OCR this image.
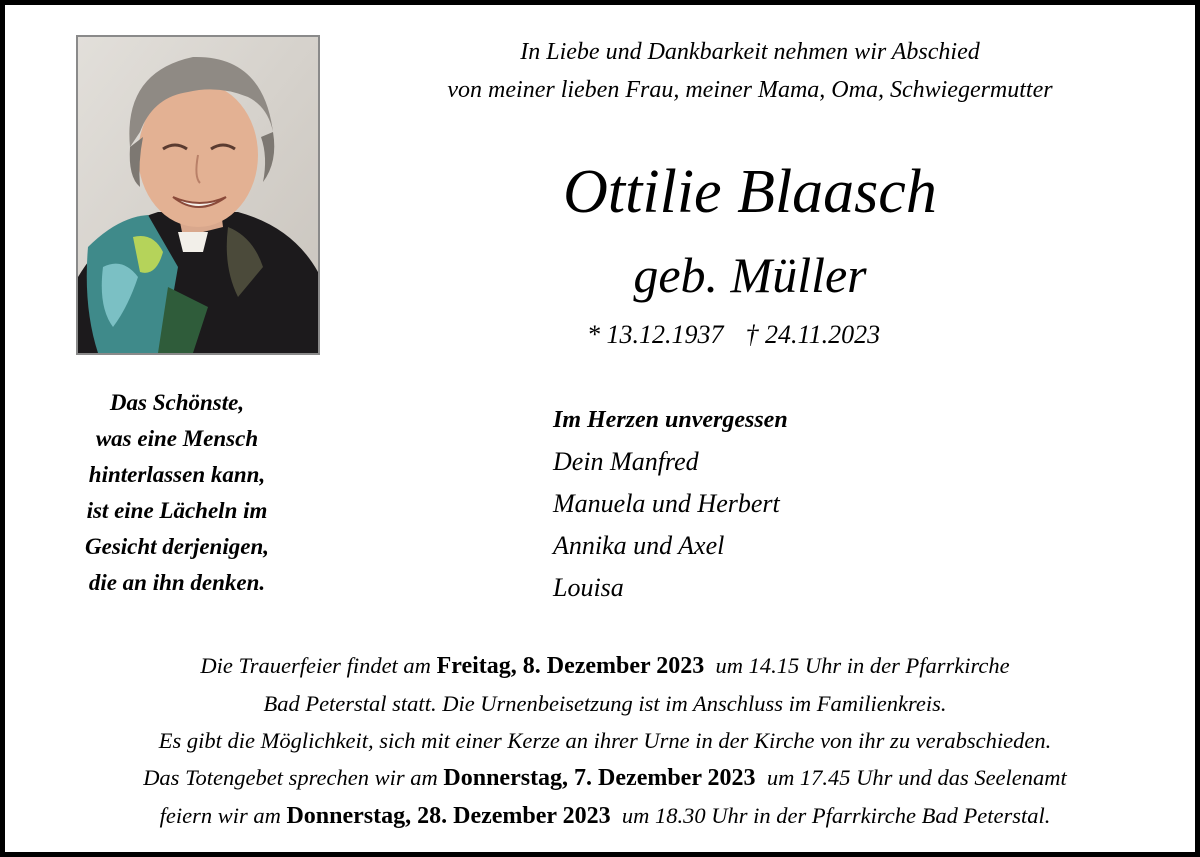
In Liebe und Dankbarkeit nehmen wir Abschied
von meiner lieben Frau, meiner Mama, Oma, Schwiegermutter
Ottilie Blaasch
geb. Müller
* 13.12.1937 † 24.11.2023
Das Schönste,
was eine Mensch
hinterlassen kann,
ist eine Lächeln im
Gesicht derjenigen,
die an ihn denken.
Im Herzen unvergessen
Dein Manfred
Manuela und Herbert
Annika und Axel
Louisa
Die Trauerfeier findet am Freitag, 8. Dezember 2023  um 14.15 Uhr in der Pfarrkirche
Bad Peterstal statt. Die Urnenbeisetzung ist im Anschluss im Familienkreis.
Es gibt die Möglichkeit, sich mit einer Kerze an ihrer Urne in der Kirche von ihr zu verabschieden.
Das Totengebet sprechen wir am Donnerstag, 7. Dezember 2023  um 17.45 Uhr und das Seelenamt
feiern wir am Donnerstag, 28. Dezember 2023  um 18.30 Uhr in der Pfarrkirche Bad Peterstal.
